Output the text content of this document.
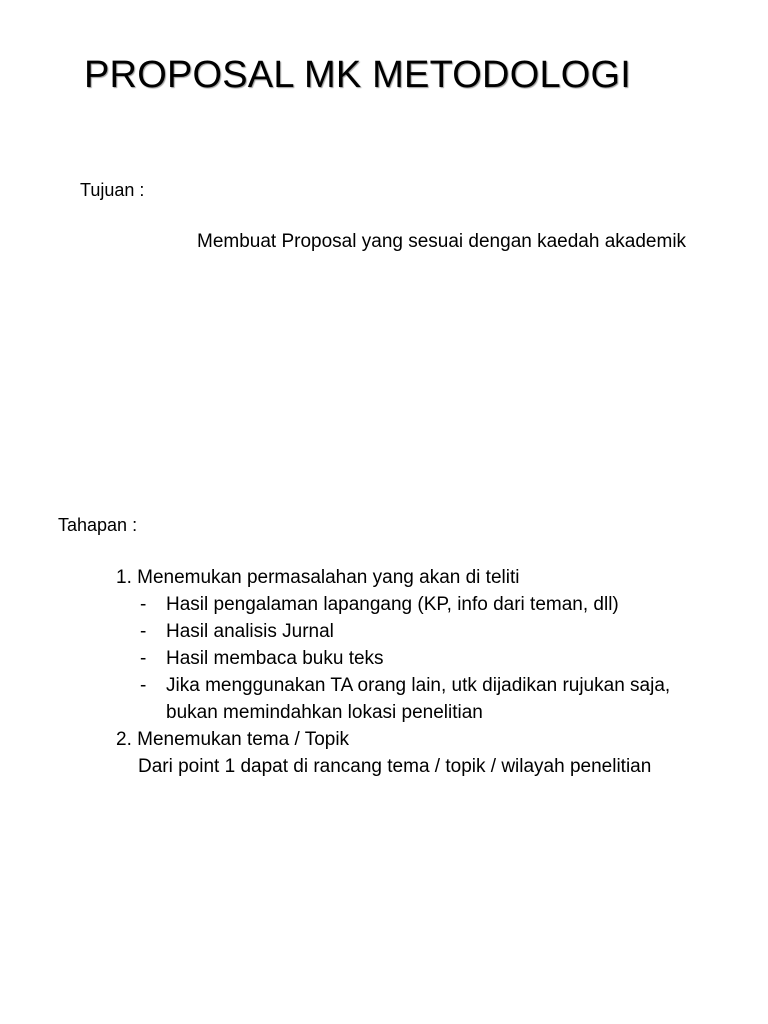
PROPOSAL MK METODOLOGI
Tujuan :
Membuat Proposal yang sesuai dengan kaedah akademik
Tahapan :
1. Menemukan permasalahan yang akan di teliti
- Hasil pengalaman lapangang (KP, info dari teman, dll)
- Hasil analisis Jurnal
- Hasil membaca buku teks
- Jika menggunakan TA orang lain, utk dijadikan rujukan saja,
bukan memindahkan lokasi penelitian
2. Menemukan tema / Topik
Dari point 1 dapat di rancang tema / topik / wilayah penelitian
